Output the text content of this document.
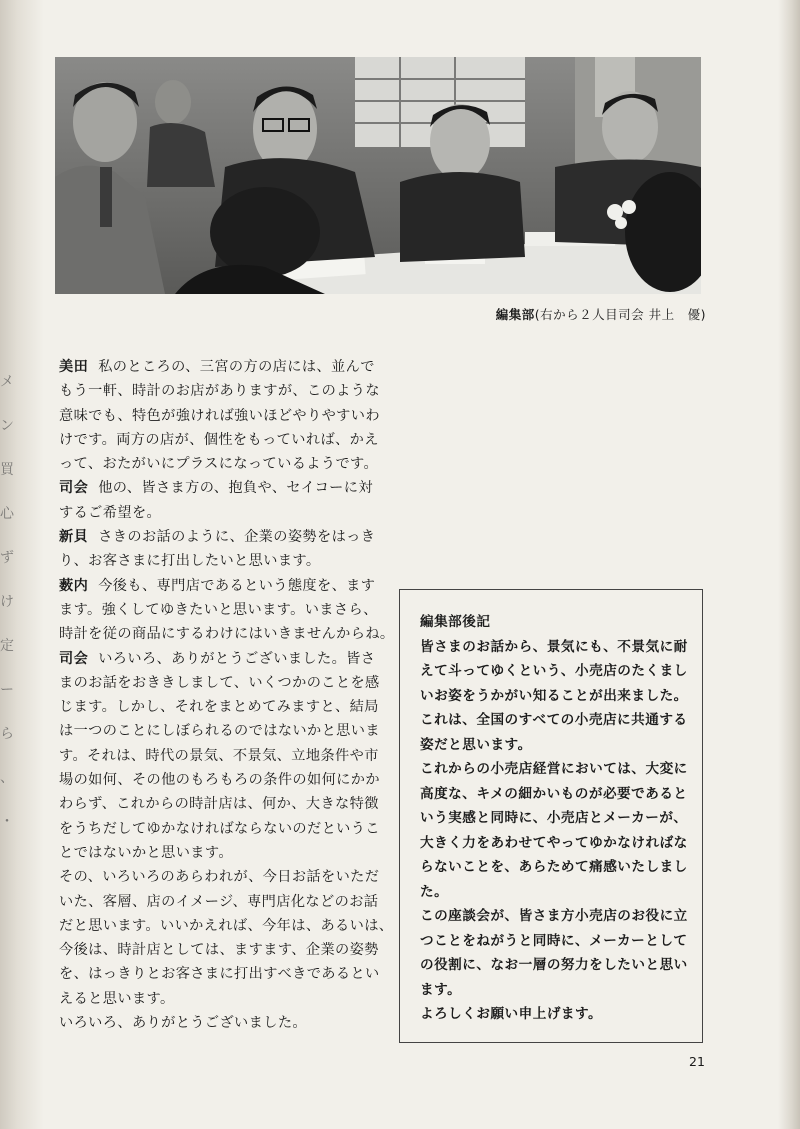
メ
ン
買
心
ず
け
定
ー
ら
、
・
編集部(右から２人目司会 井上　優)
美田 私のところの、三宮の方の店には、並んで
もう一軒、時計のお店がありますが、このような
意味でも、特色が強ければ強いほどやりやすいわ
けです。両方の店が、個性をもっていれば、かえ
って、おたがいにプラスになっているようです。
司会 他の、皆さま方の、抱負や、セイコーに対
するご希望を。
新貝 さきのお話のように、企業の姿勢をはっき
り、お客さまに打出したいと思います。
薮内 今後も、専門店であるという態度を、ます
ます。強くしてゆきたいと思います。いまさら、
時計を従の商品にするわけにはいきませんからね。
司会 いろいろ、ありがとうございました。皆さ
まのお話をおききしまして、いくつかのことを感
じます。しかし、それをまとめてみますと、結局
は一つのことにしぼられるのではないかと思いま
す。それは、時代の景気、不景気、立地条件や市
場の如何、その他のもろもろの条件の如何にかか
わらず、これからの時計店は、何か、大きな特徴
をうちだしてゆかなければならないのだというこ
とではないかと思います。
その、いろいろのあらわれが、今日お話をいただ
いた、客層、店のイメージ、専門店化などのお話
だと思います。いいかえれば、今年は、あるいは、
今後は、時計店としては、ますます、企業の姿勢
を、はっきりとお客さまに打出すべきであるとい
えると思います。
いろいろ、ありがとうございました。
編集部後記
皆さまのお話から、景気にも、不景気に耐
えて斗ってゆくという、小売店のたくまし
いお姿をうかがい知ることが出来ました。
これは、全国のすべての小売店に共通する
姿だと思います。
これからの小売店経営においては、大変に
高度な、キメの細かいものが必要であると
いう実感と同時に、小売店とメーカーが、
大きく力をあわせてやってゆかなければな
らないことを、あらためて痛感いたしまし
た。
この座談会が、皆さま方小売店のお役に立
つことをねがうと同時に、メーカーとして
の役割に、なお一層の努力をしたいと思い
ます。
よろしくお願い申上げます。
21
